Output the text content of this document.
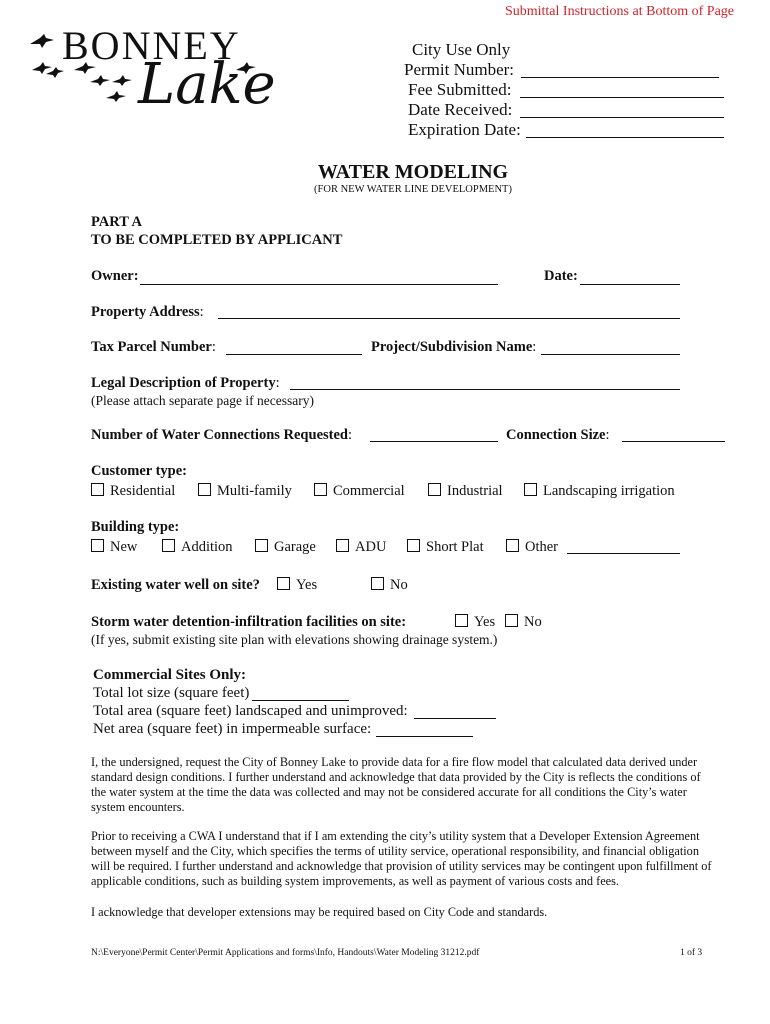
Submittal Instructions at Bottom of Page
BONNEY
Lake
City Use Only
Permit Number:
Fee Submitted:
Date Received:
Expiration Date:
WATER MODELING
(FOR NEW WATER LINE DEVELOPMENT)
PART A
TO BE COMPLETED BY APPLICANT
Owner:	Date:
Property Address:
Tax Parcel Number:	Project/Subdivision Name:
Legal Description of Property:
(Please attach separate page if necessary)
Number of Water Connections Requested:	Connection Size:
Customer type:
Residential	Multi-family	Commercial	Industrial	Landscaping irrigation
Building type:
New	Addition	Garage	ADU	Short Plat	Other
Existing water well on site?	Yes	No
Storm water detention-infiltration facilities on site:	Yes	No
(If yes, submit existing site plan with elevations showing drainage system.)
Commercial Sites Only:
Total lot size (square feet)
Total area (square feet) landscaped and unimproved:
Net area (square feet) in impermeable surface:
I, the undersigned, request the City of Bonney Lake to provide data for a fire flow model that calculated data derived under standard design conditions. I further understand and acknowledge that data provided by the City is reflects the conditions of the water system at the time the data was collected and may not be considered accurate for all conditions the City’s water system encounters.
Prior to receiving a CWA I understand that if I am extending the city’s utility system that a Developer Extension Agreement between myself and the City, which specifies the terms of utility service, operational responsibility, and financial obligation will be required. I further understand and acknowledge that provision of utility services may be contingent upon fulfillment of applicable conditions, such as building system improvements, as well as payment of various costs and fees.
I acknowledge that developer extensions may be required based on City Code and standards.
N:\Everyone\Permit Center\Permit Applications and forms\Info, Handouts\Water Modeling 31212.pdf	1 of 3
